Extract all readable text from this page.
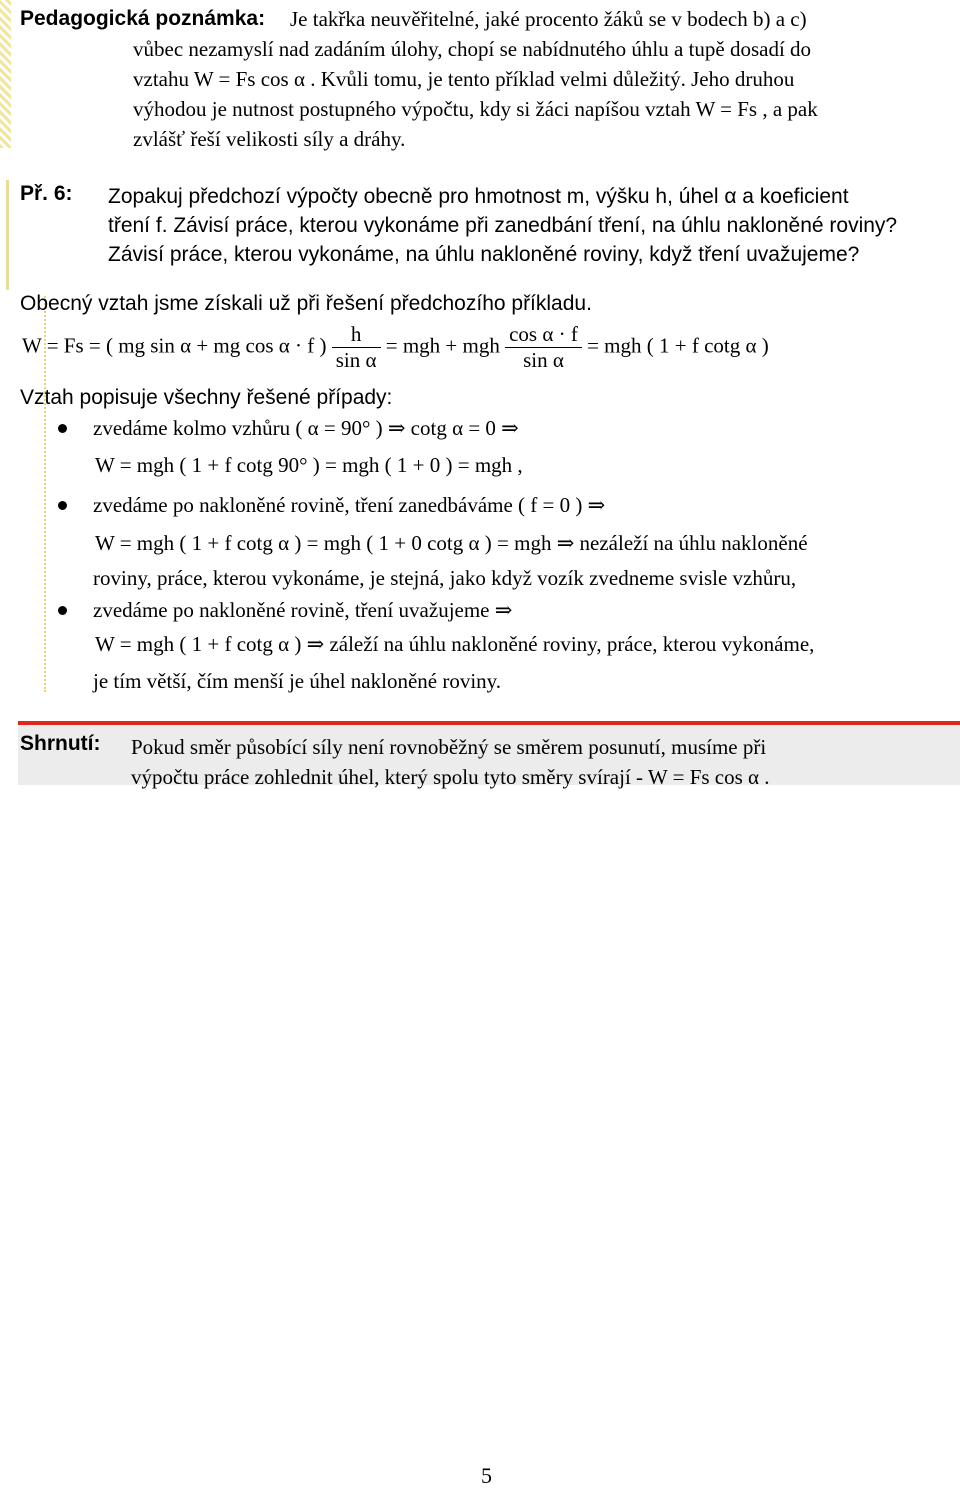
Pedagogická poznámka: Je takřka neuvěřitelné, jaké procento žáků se v bodech b) a c)
vůbec nezamyslí nad zadáním úlohy, chopí se nabídnutého úhlu a tupě dosadí do
vztahu W = Fs cos α . Kvůli tomu, je tento příklad velmi důležitý. Jeho druhou
výhodou je nutnost postupného výpočtu, kdy si žáci napíšou vztah W = Fs , a pak
zvlášť řeší velikosti síly a dráhy.
Př. 6: Zopakuj předchozí výpočty obecně pro hmotnost m, výšku h, úhel α a koeficient
tření f. Závisí práce, kterou vykonáme při zanedbání tření, na úhlu nakloněné roviny?
Závisí práce, kterou vykonáme, na úhlu nakloněné roviny, když tření uvažujeme?
Obecný vztah jsme získali už při řešení předchozího příkladu.
W = Fs = ( mg sin α + mg cos α · f ) $\frac{h}{\text{sin α}}$ = mgh + mgh $\frac{\text{cos α · f}}{\text{sin α}}$ = mgh ( 1 + f cotg α )
Vztah popisuje všechny řešené případy:
zvedáme kolmo vzhůru ( α = 90° ) ⇒ cotg α = 0 ⇒
W = mgh ( 1 + f cotg 90° ) = mgh ( 1 + 0 ) = mgh ,
zvedáme po nakloněné rovině, tření zanedbáváme ( f = 0 ) ⇒
W = mgh ( 1 + f cotg α ) = mgh ( 1 + 0 cotg α ) = mgh ⇒ nezáleží na úhlu nakloněné
roviny, práce, kterou vykonáme, je stejná, jako když vozík zvedneme svisle vzhůru,
zvedáme po nakloněné rovině, tření uvažujeme ⇒
W = mgh ( 1 + f cotg α ) ⇒ záleží na úhlu nakloněné roviny, práce, kterou vykonáme,
je tím větší, čím menší je úhel nakloněné roviny.
Shrnutí: Pokud směr působící síly není rovnoběžný se směrem posunutí, musíme při
výpočtu práce zohlednit úhel, který spolu tyto směry svírají - W = Fs cos α .
5
